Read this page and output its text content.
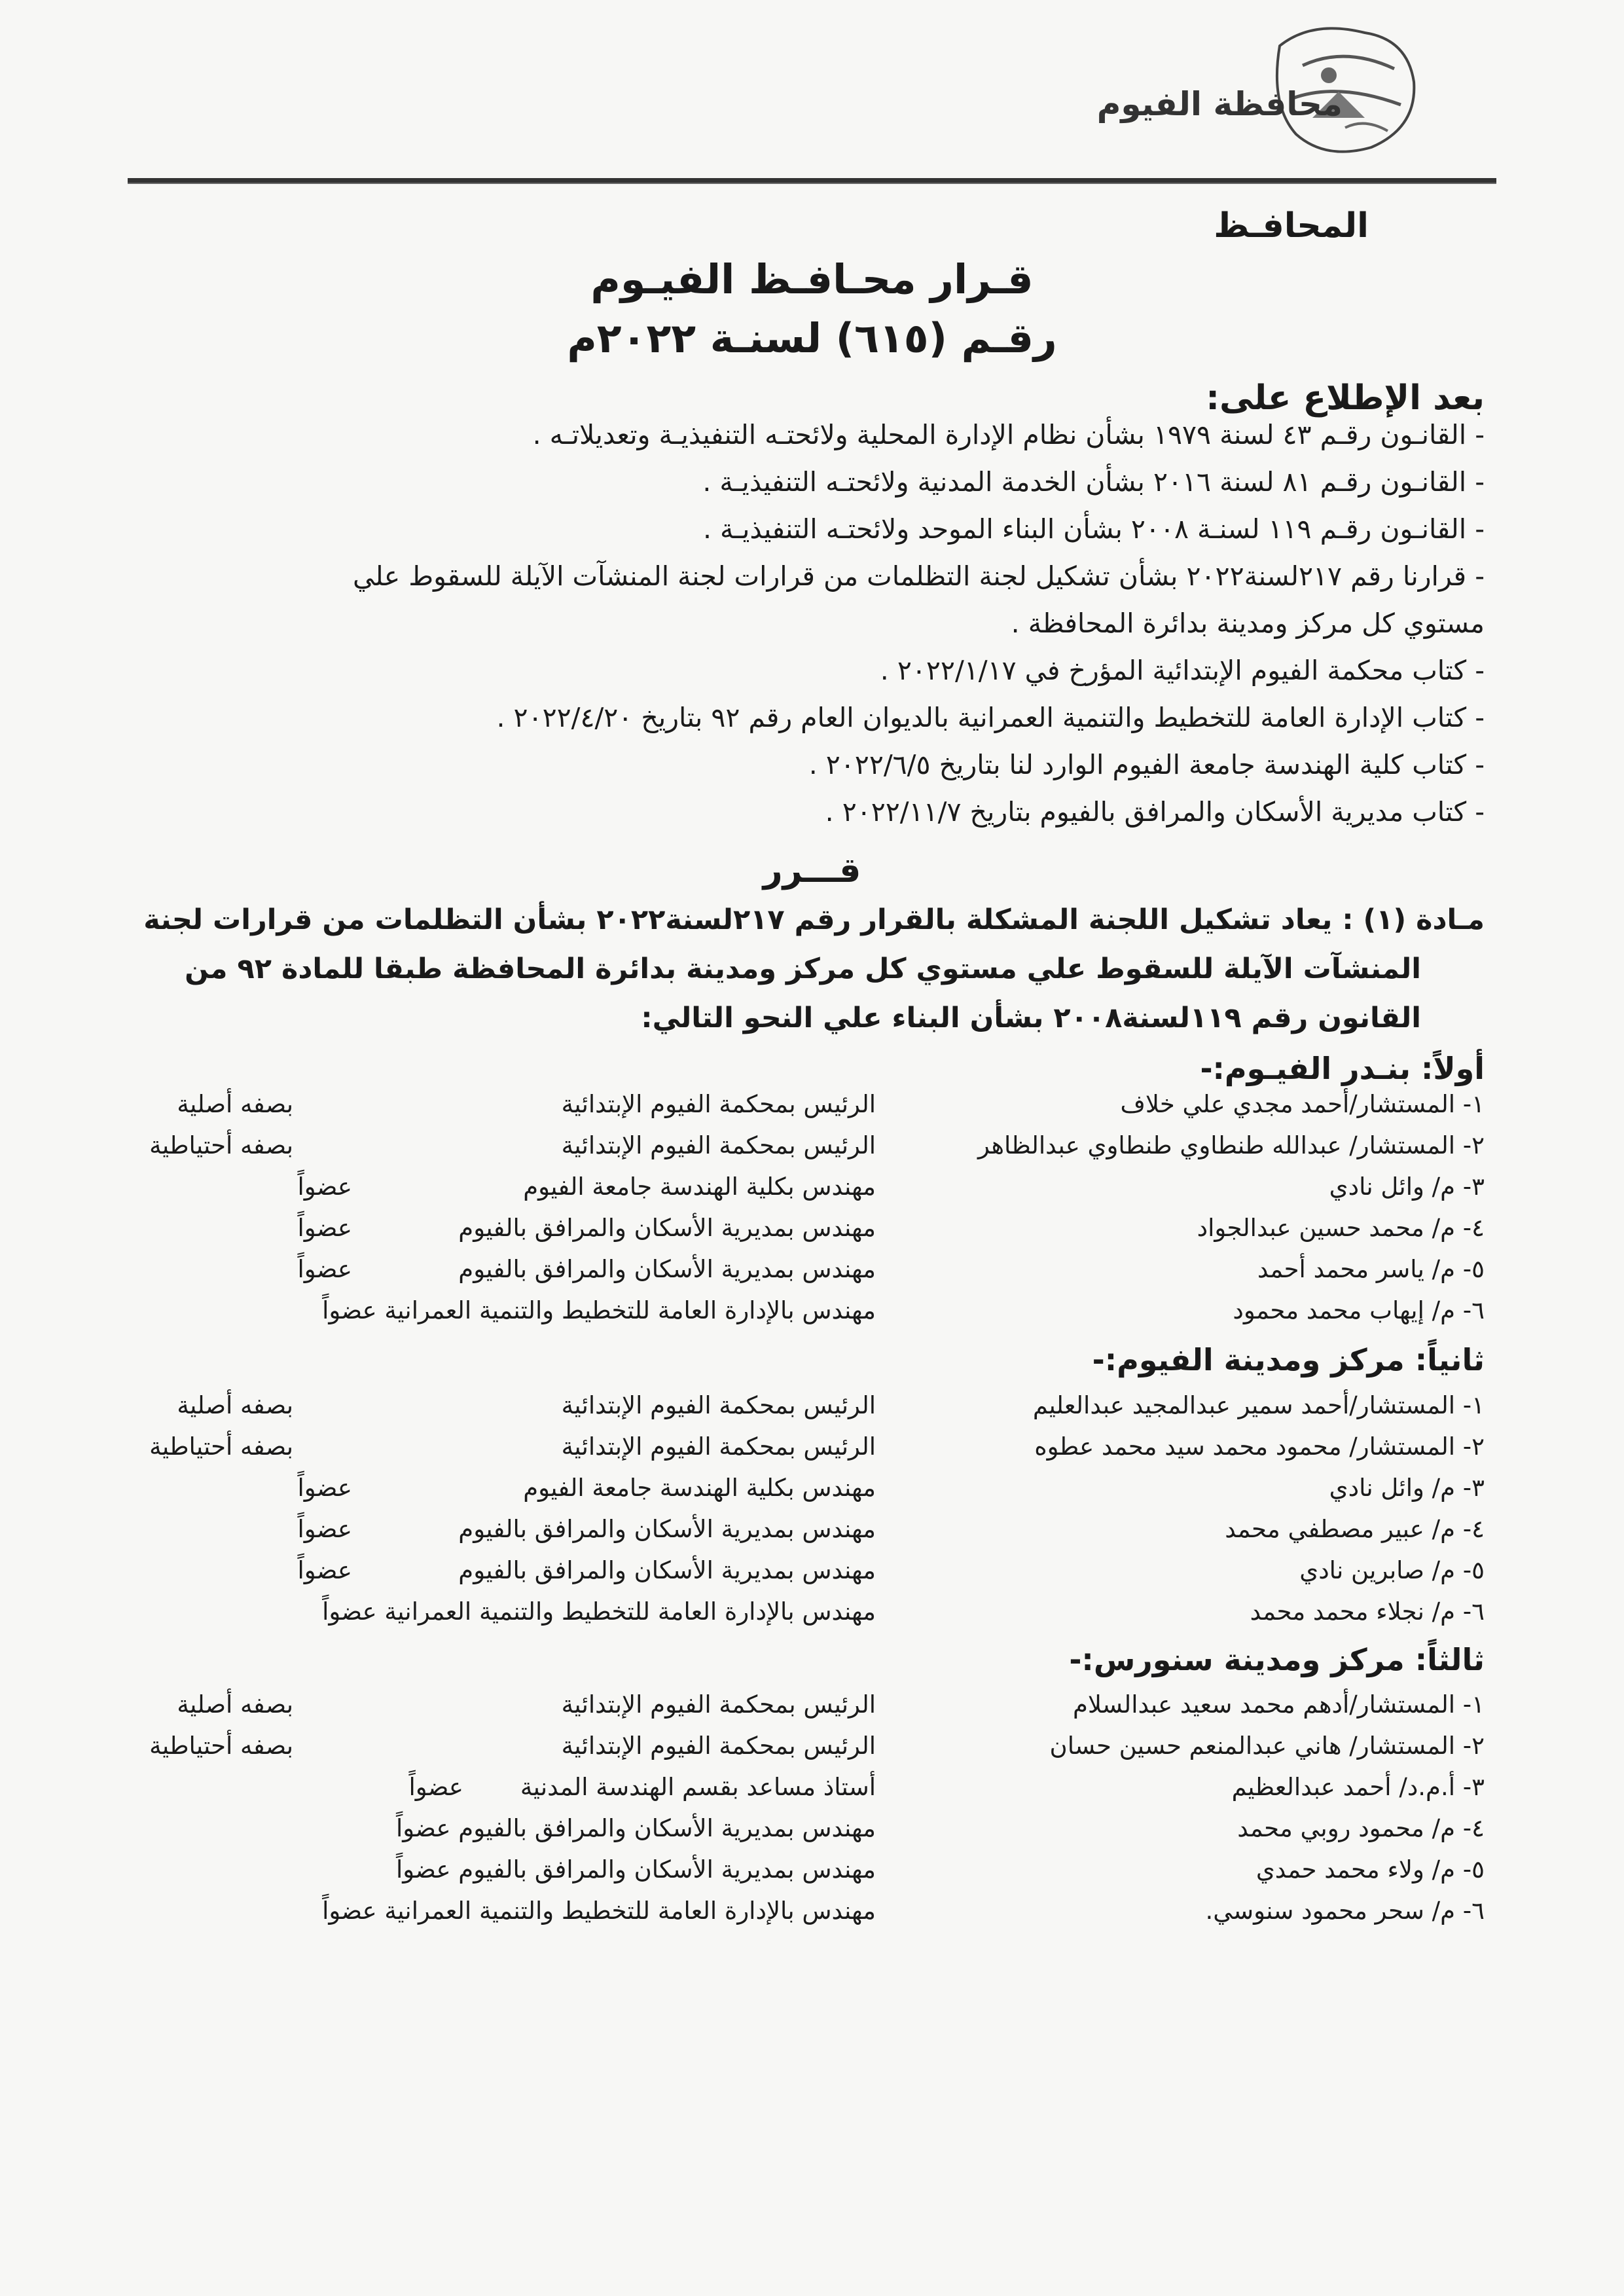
محافظة الفيوم
المحافـظ
قـرار محـافـظ الفيـوم
رقـم (٦١٥) لسنـة ٢٠٢٢م
بعد الإطلاع على:
- القانـون رقـم ٤٣ لسنة ١٩٧٩ بشأن نظام الإدارة المحلية ولائحتـه التنفيذيـة وتعديلاتـه .
- القانـون رقـم ٨١ لسنة ٢٠١٦ بشأن الخدمة المدنية ولائحتـه التنفيذيـة .
- القانـون رقـم ١١٩ لسنـة ٢٠٠٨ بشأن البناء الموحد ولائحتـه التنفيذيـة .
- قرارنا رقم ٢١٧لسنة٢٠٢٢ بشأن تشكيل لجنة التظلمات من قرارات لجنة المنشآت الآيلة للسقوط علي
مستوي كل مركز ومدينة بدائرة المحافظة .
- كتاب محكمة الفيوم الإبتدائية المؤرخ في ٢٠٢٢/١/١٧ .
- كتاب الإدارة العامة للتخطيط والتنمية العمرانية بالديوان العام رقم ٩٢ بتاريخ ٢٠٢٢/٤/٢٠ .
- كتاب كلية الهندسة جامعة الفيوم الوارد لنا بتاريخ ٢٠٢٢/٦/٥ .
- كتاب مديرية الأسكان والمرافق بالفيوم بتاريخ ٢٠٢٢/١١/٧ .
قـــرر
مـادة (١) : يعاد تشكيل اللجنة المشكلة بالقرار رقم ٢١٧لسنة٢٠٢٢ بشأن التظلمات من قرارات لجنة
المنشآت الآيلة للسقوط علي مستوي كل مركز ومدينة بدائرة المحافظة طبقا للمادة ٩٢ من
القانون رقم ١١٩لسنة٢٠٠٨ بشأن البناء علي النحو التالي:
أولاً: بنـدر الفيـوم:-
١- المستشار/أحمد مجدي علي خلاف
الرئيس بمحكمة الفيوم الإبتدائية
بصفه أصلية
٢- المستشار/ عبدالله طنطاوي طنطاوي عبدالظاهر
الرئيس بمحكمة الفيوم الإبتدائية
بصفه أحتياطية
٣- م/ وائل نادي
مهندس بكلية الهندسة جامعة الفيوم
عضواً
٤- م/ محمد حسين عبدالجواد
مهندس بمديرية الأسكان والمرافق بالفيوم
عضواً
٥- م/ ياسر محمد أحمد
مهندس بمديرية الأسكان والمرافق بالفيوم
عضواً
٦- م/ إيهاب محمد محمود
مهندس بالإدارة العامة للتخطيط والتنمية العمرانية عضواً
ثانياً: مركز ومدينة الفيوم:-
١- المستشار/أحمد سمير عبدالمجيد عبدالعليم
الرئيس بمحكمة الفيوم الإبتدائية
بصفه أصلية
٢- المستشار/ محمود محمد سيد محمد عطوه
الرئيس بمحكمة الفيوم الإبتدائية
بصفه أحتياطية
٣- م/ وائل نادي
مهندس بكلية الهندسة جامعة الفيوم
عضواً
٤- م/ عبير مصطفي محمد
مهندس بمديرية الأسكان والمرافق بالفيوم
عضواً
٥- م/ صابرين نادي
مهندس بمديرية الأسكان والمرافق بالفيوم
عضواً
٦- م/ نجلاء محمد محمد
مهندس بالإدارة العامة للتخطيط والتنمية العمرانية عضواً
ثالثاً: مركز ومدينة سنورس:-
١- المستشار/أدهم محمد سعيد عبدالسلام
الرئيس بمحكمة الفيوم الإبتدائية
بصفه أصلية
٢- المستشار/ هاني عبدالمنعم حسين حسان
الرئيس بمحكمة الفيوم الإبتدائية
بصفه أحتياطية
٣- أ.م.د/ أحمد عبدالعظيم
أستاذ مساعد بقسم الهندسة المدنية
عضواً
٤- م/ محمود روبي محمد
مهندس بمديرية الأسكان والمرافق بالفيوم عضواً
٥- م/ ولاء محمد حمدي
مهندس بمديرية الأسكان والمرافق بالفيوم عضواً
٦- م/ سحر محمود سنوسي.
مهندس بالإدارة العامة للتخطيط والتنمية العمرانية عضواً
